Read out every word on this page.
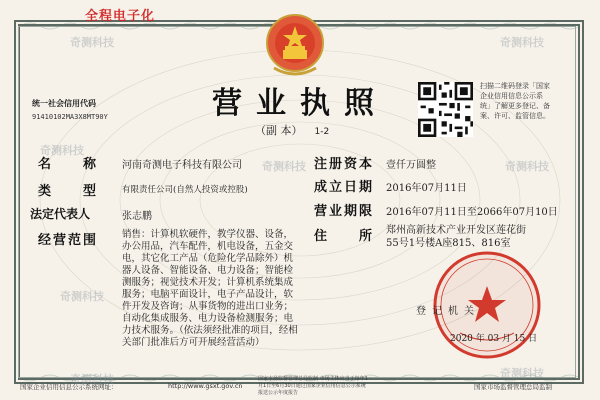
奇测科技	奇测科技
奇测科技
奇测科技	奇测科技
奇测科技
奇测科技	奇测科技
全程电子化
营业执照
（副 本） 1-2
统一社会信用代码
91410102MA3X8MT90Y
扫描二维码登录「国家企业信用信息公示系统」了解更多登记、备案、许可、监管信息。
名　　称 河南奇测电子科技有限公司
类　　型	有限责任公司(自然人投资或控股)
法定代表人	张志鹏
经营范围	销售：计算机软硬件，教学仪器、设备，办公用品，汽车配件，机电设备，五金交电，其它化工产品（危险化学品除外）机器人设备、智能设备、电力设备；智能检测服务；视觉技术开发；计算机系统集成服务；电脑平面设计，电子产品设计，软件开发及咨询；从事货物的进出口业务；自动化集成服务、电力设备检测服务；电力技术服务。（依法须经批准的项目，经相关部门批准后方可开展经营活动）
注册资本 壹仟万圆整
成立日期 2016年07月11日
营业期限 2016年07月11日至2066年07月10日
住　　所 郑州高新技术产业开发区莲花街55号1号楼A座815、816室
登记机关
2020 年 03 月 15 日
国家企业信用信息公示系统网址：	http://www.gsxt.gov.cn
国家市场监督管理总局监制 市场主体应当于每年1月1日至6月30日通过国家企业信用信息公示系统报送公示年度报告
国家市场监督管理总局监制
